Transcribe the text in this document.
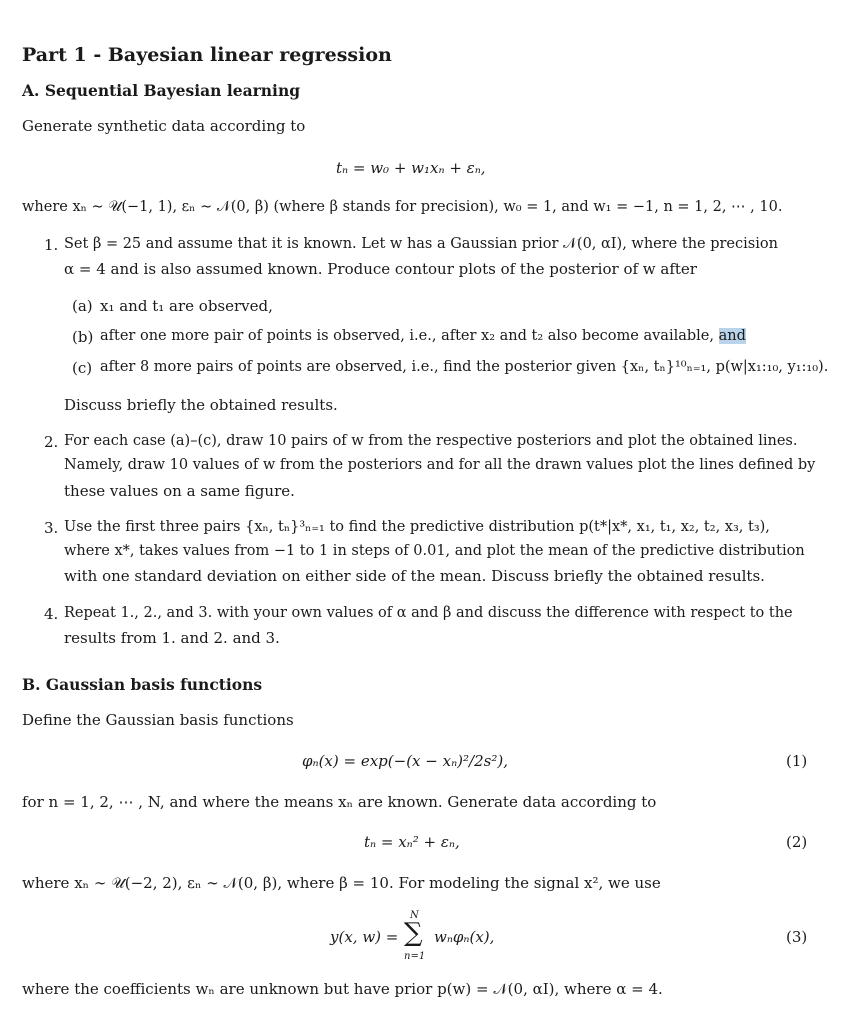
Part 1 - Bayesian linear regression
A. Sequential Bayesian learning
Generate synthetic data according to
tₙ = w₀ + w₁xₙ + εₙ,
where xₙ ∼ 𝒰(−1, 1), εₙ ∼ 𝒩(0, β) (where β stands for precision), w₀ = 1, and w₁ = −1, n = 1, 2, ⋯ , 10.
1. Set β = 25 and assume that it is known. Let w has a Gaussian prior 𝒩(0, αI), where the precision
α = 4 and is also assumed known. Produce contour plots of the posterior of w after
(a) x₁ and t₁ are observed,
(b) after one more pair of points is observed, i.e., after x₂ and t₂ also become available, and
(c) after 8 more pairs of points are observed, i.e., find the posterior given {xₙ, tₙ}¹⁰ₙ₌₁, p(w|x₁:₁₀, y₁:₁₀).
Discuss briefly the obtained results.
2. For each case (a)–(c), draw 10 pairs of w from the respective posteriors and plot the obtained lines.
Namely, draw 10 values of w from the posteriors and for all the drawn values plot the lines defined by
these values on a same figure.
3. Use the first three pairs {xₙ, tₙ}³ₙ₌₁ to find the predictive distribution p(t*|x*, x₁, t₁, x₂, t₂, x₃, t₃),
where x*, takes values from −1 to 1 in steps of 0.01, and plot the mean of the predictive distribution
with one standard deviation on either side of the mean. Discuss briefly the obtained results.
4. Repeat 1., 2., and 3. with your own values of α and β and discuss the difference with respect to the
results from 1. and 2. and 3.
B. Gaussian basis functions
Define the Gaussian basis functions
φₙ(x) = exp(−(x − xₙ)²/2s²),	(1)
for n = 1, 2, ⋯ , N, and where the means xₙ are known. Generate data according to
tₙ = xₙ² + εₙ,	(2)
where xₙ ∼ 𝒰(−2, 2), εₙ ∼ 𝒩(0, β), where β = 10. For modeling the signal x², we use
y(x, w) =
N
∑
n=1
wₙφₙ(x),	(3)
where the coefficients wₙ are unknown but have prior p(w) = 𝒩(0, αI), where α = 4.
